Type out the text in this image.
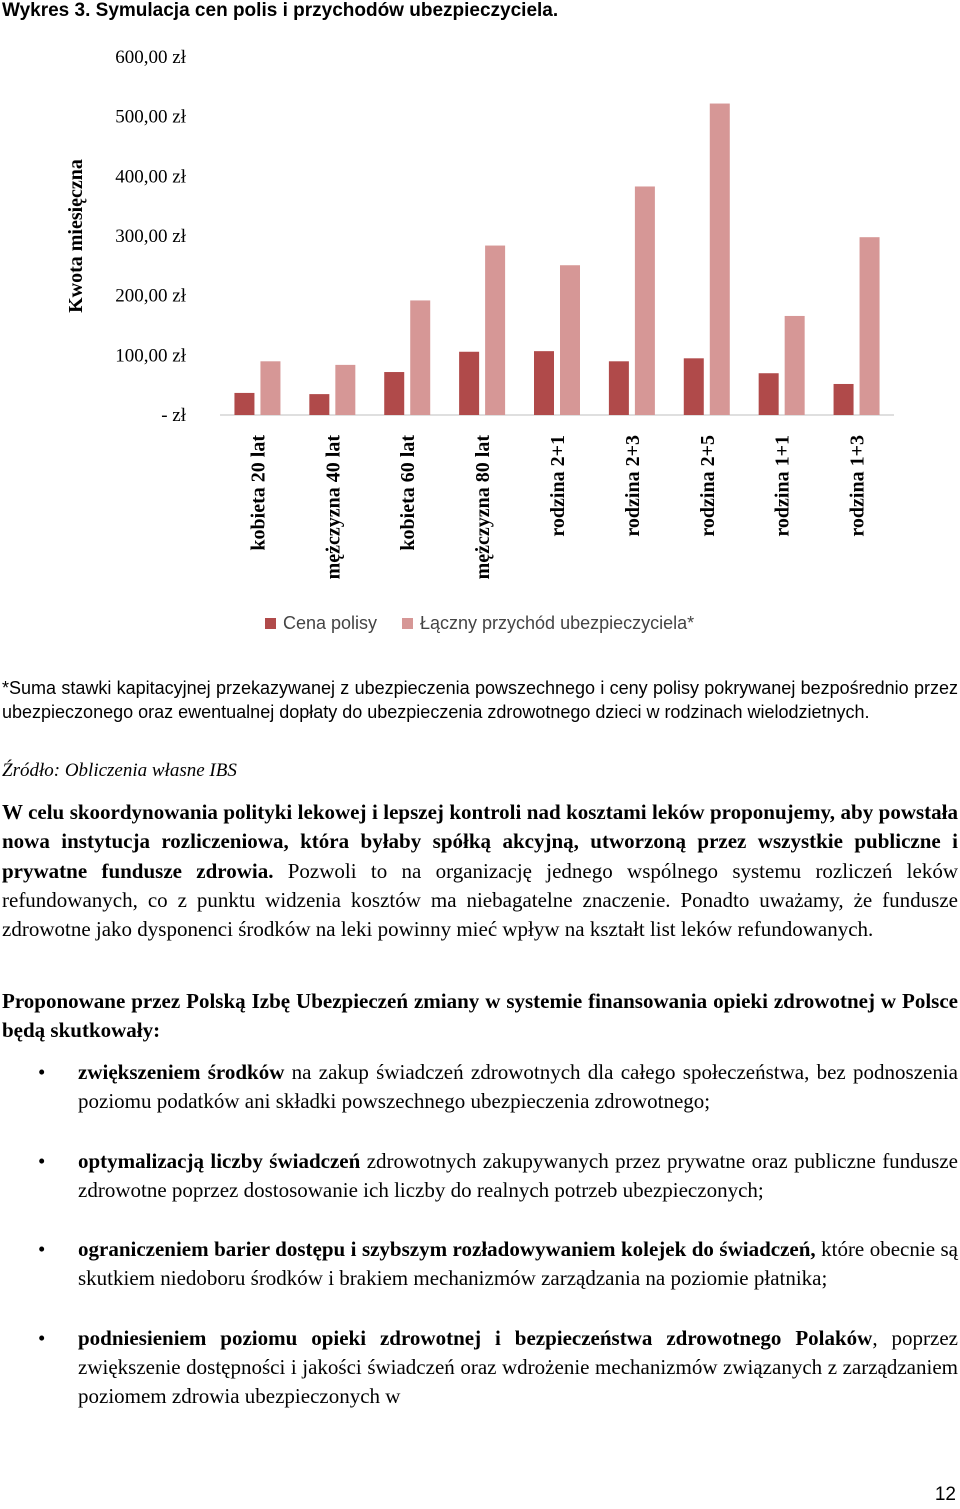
Wykres 3. Symulacja cen polis i przychodów ubezpieczyciela.
Kwota miesięczna
- zł
100,00 zł
200,00 zł
300,00 zł
400,00 zł
500,00 zł
600,00 zł
kobieta 20 lat	mężczyzna 40 lat	kobieta 60 lat	mężczyzna 80 lat	rodzina 2+1	rodzina 2+3	rodzina 2+5	rodzina 1+1	rodzina 1+3
Cena polisy Łączny przychód ubezpieczyciela*

*Suma stawki kapitacyjnej przekazywanej z ubezpieczenia powszechnego i ceny polisy pokrywanej bezpośrednio przez ubezpieczonego oraz ewentualnej dopłaty do ubezpieczenia zdrowotnego dzieci w rodzinach wielodzietnych.

Źródło: Obliczenia własne IBS

W celu skoordynowania polityki lekowej i lepszej kontroli nad kosztami leków proponujemy, aby powstała nowa instytucja rozliczeniowa, która byłaby spółką akcyjną, utworzoną przez wszystkie publiczne i prywatne fundusze zdrowia. Pozwoli to na organizację jednego wspólnego systemu rozliczeń leków refundowanych, co z punktu widzenia kosztów ma niebagatelne znaczenie. Ponadto uważamy, że fundusze zdrowotne jako dysponenci środków na leki powinny mieć wpływ na kształt list leków refundowanych.

Proponowane przez Polską Izbę Ubezpieczeń zmiany w systemie finansowania opieki zdrowotnej w Polsce będą skutkowały:

• zwiększeniem środków na zakup świadczeń zdrowotnych dla całego społeczeństwa, bez podnoszenia poziomu podatków ani składki powszechnego ubezpieczenia zdrowotnego;
• optymalizacją liczby świadczeń zdrowotnych zakupywanych przez prywatne oraz publiczne fundusze zdrowotne poprzez dostosowanie ich liczby do realnych potrzeb ubezpieczonych;
• ograniczeniem barier dostępu i szybszym rozładowywaniem kolejek do świadczeń, które obecnie są skutkiem niedoboru środków i brakiem mechanizmów zarządzania na poziomie płatnika;
• podniesieniem poziomu opieki zdrowotnej i bezpieczeństwa zdrowotnego Polaków, poprzez zwiększenie dostępności i jakości świadczeń oraz wdrożenie mechanizmów związanych z zarządzaniem poziomem zdrowia ubezpieczonych w

12
